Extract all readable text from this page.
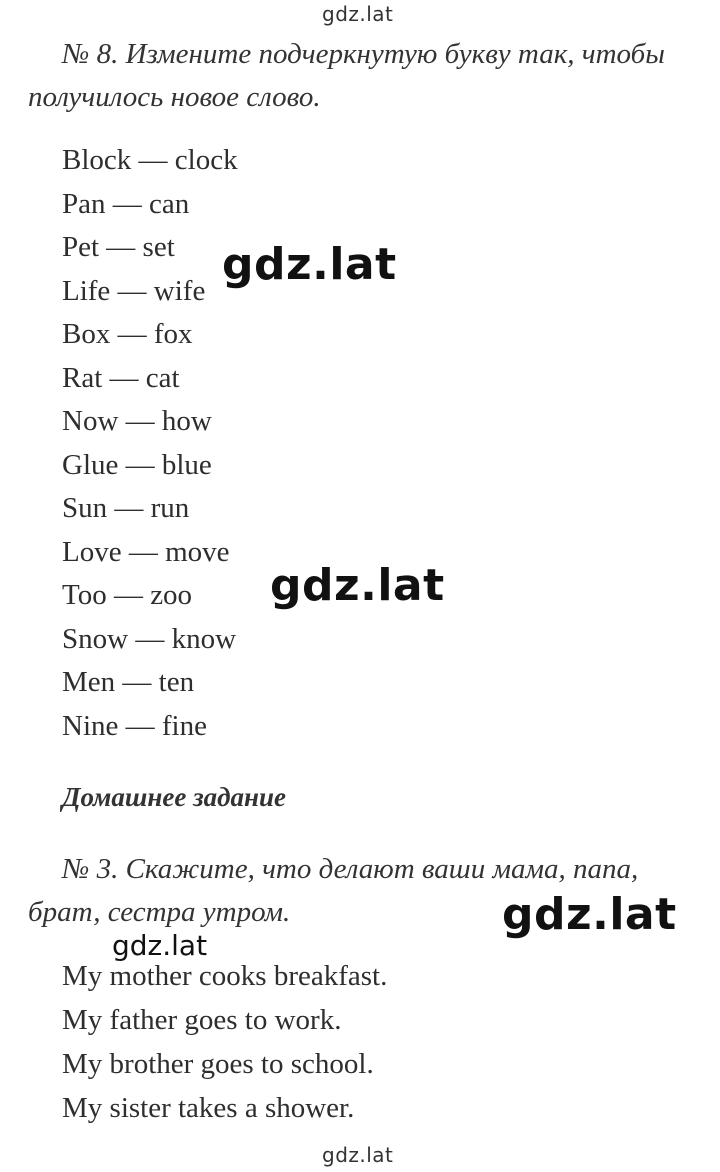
gdz.lat

№ 8. Измените подчеркнутую букву так, чтобы получилось новое слово.

Block — clock
Pan — can
Pet — set
Life — wife
Box — fox
Rat — cat
Now — how
Glue — blue
Sun — run
Love — move
Too — zoo
Snow — know
Men — ten
Nine — fine
Домашнее задание

№ 3. Скажите, что делают ваши мама, папа, брат, сестра утром.

My mother cooks breakfast.
My father goes to work.
My brother goes to school.
My sister takes a shower.
gdz.lat
gdz.lat
gdz.lat
gdz.lat
gdz.lat
